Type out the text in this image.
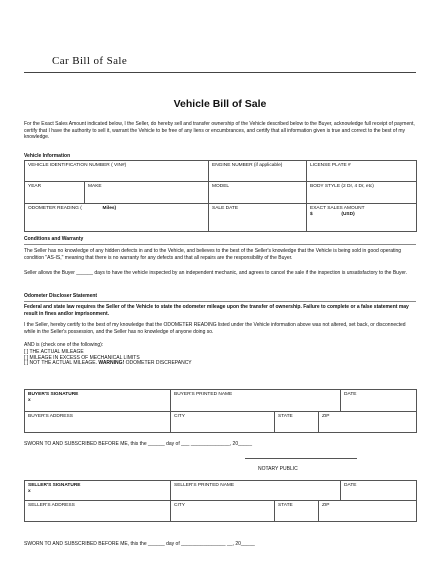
Car Bill of Sale
Vehicle Bill of Sale
For the Exact Sales Amount indicated below, I the Seller, do hereby sell and transfer ownership of the Vehicle described below to the Buyer, acknowledge full receipt of payment, certify that I have the authority to sell it, warrant the Vehicle to be free of any liens or encumbrances, and certify that all information given is true and correct to the best of my knowledge.
Vehicle Information
VEHICLE IDENTIFICATION NUMBER ( VIN#)		ENGINE NUMBER (if applicable)	LICENSE PLATE #
YEAR	MAKE	MODEL	BODY STYLE (2 Dr, 4 Dr, etc)
ODOMETER READING ( Miles)		SALE DATE	EXACT SALES AMOUNT
$ (USD)
Conditions and Warranty
The Seller has no knowledge of any hidden defects in and to the Vehicle, and believes to the best of the Seller's knowledge that the Vehicle is being sold in good operating condition "AS-IS," meaning that there is no warranty for any defects and that all repairs are the responsibility of the Buyer.
Seller allows the Buyer ______ days to have the vehicle inspected by an independent mechanic, and agrees to cancel the sale if the inspection is unsatisfactory to the Buyer.
Odometer Discloser Statement
Federal and state law requires the Seller of the Vehicle to state the odometer mileage upon the transfer of ownership. Failure to complete or a false statement may result in fines and/or imprisonment.
I the Seller, hereby certify to the best of my knowledge that the ODOMETER READING listed under the Vehicle information above was not altered, set back, or disconnected while in the Seller's possession, and the Seller has no knowledge of anyone doing so.
AND is (check one of the following):
[ ] THE ACTUAL MILEAGE
[ ] MILEAGE IN EXCESS OF MECHANICAL LIMITS
[ ] NOT THE ACTUAL MILEAGE. WARNING! ODOMETER DISCREPANCY
BUYER'S SIGNATURE
x	BUYER'S PRINTED NAME			DATE
BUYER'S ADDRESS	CITY	STATE	ZIP	
SWORN TO AND SUBSCRIBED BEFORE ME, this the ______ day of ___ ______________, 20_____
NOTARY PUBLIC
SELLER'S SIGNATURE
x	SELLER'S PRINTED NAME			DATE
SELLER'S ADDRESS	CITY	STATE	ZIP	
SWORN TO AND SUBSCRIBED BEFORE ME, this the ______ day of ________________ __, 20_____
